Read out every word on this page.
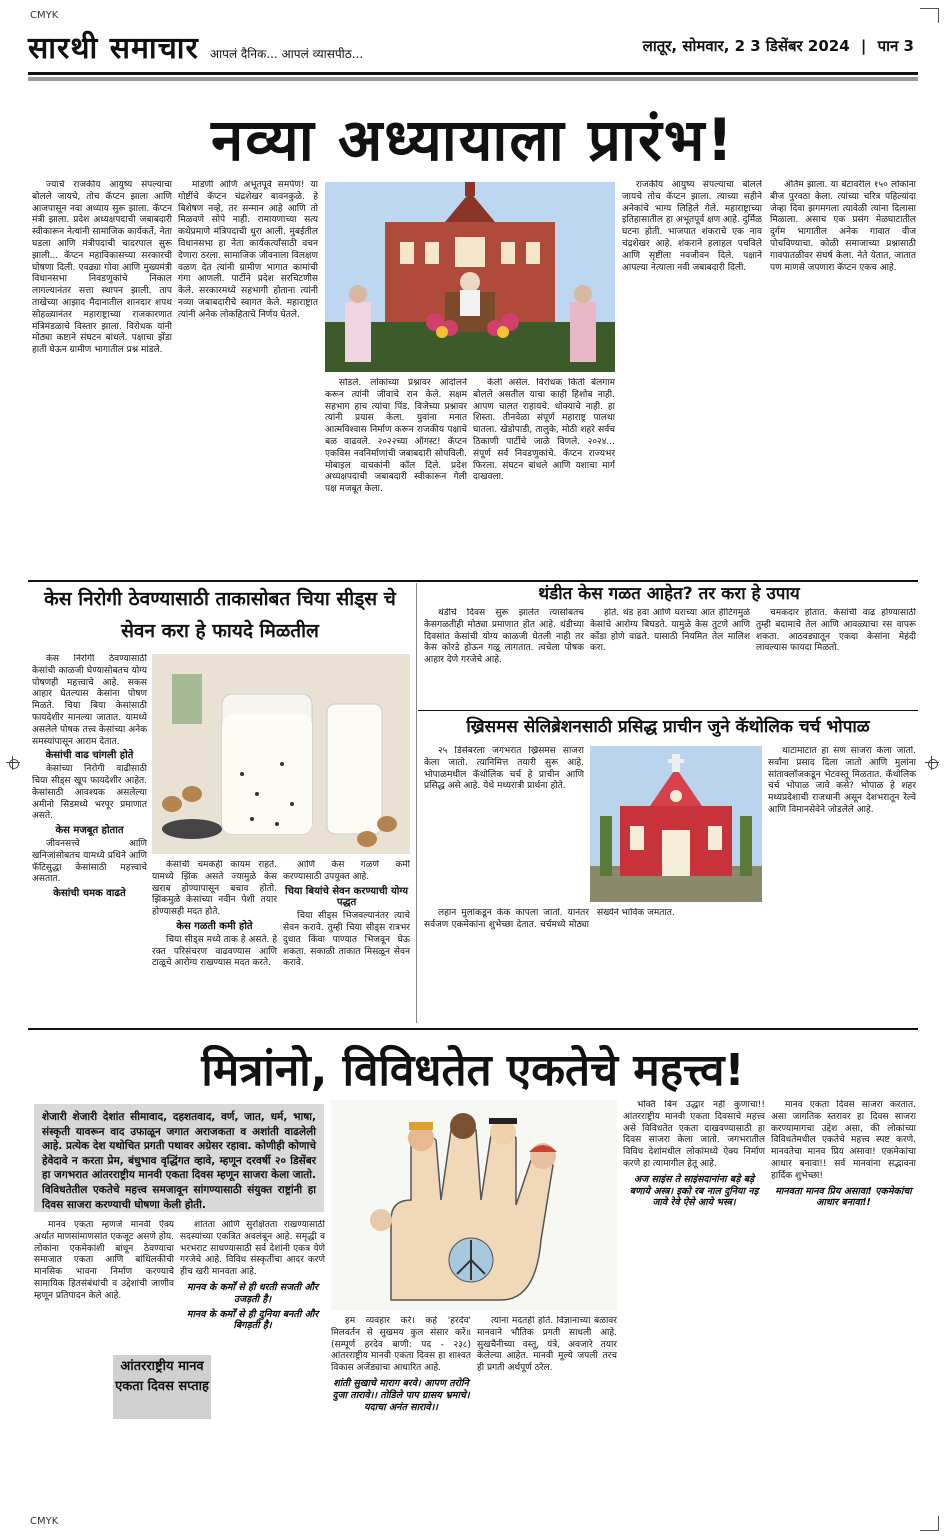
CMYK
CMYK
सारथी समाचार आपलं दैनिक... आपलं व्यासपीठ...	लातूर, सोमवार, 2 3 डिसेंबर 2024 | पान 3
नव्या अध्यायाला प्रारंभ!

ज्याचे राजकीय आयुष्य संपल्याचा बोलले जायचे, तोच कॅप्टन झाला आणि आजपासून नवा अध्याय सुरू झाला. कॅप्टन मंत्री झाला. प्रदेश अध्यक्षपदाची जबाबदारी स्वीकारून नेत्यांनी सामाजिक कार्यकर्ते, नेता घडला आणि मंत्रीपदाची चादरपाल सुरू झाली... कॅप्टन महाविकासच्या सरकारची घोषणा दिली. एवढ्या गोवा आणि मुख्यमंत्री विधानसभा निवडणुकांचे निकाल लागल्यानंतर सत्ता स्थापन झाली. ताप ताखेच्या आझाद मैदानातील शानदार शपथ सोहळ्यानंतर महाराष्ट्राच्या राजकारणात मंत्रिमंडळाचे विस्तार झाला. विरोधक यांनी मोठ्या कष्टाने संघटन बांधले. पक्षाचा झेंडा हाती घेऊन ग्रामीण भागातील प्रश्न मांडले.

मांडणी आणि अभूतपूर्व समर्पण! या गोष्टींचे कॅप्टन चंद्रशेखर बावनकुळे. हे बिशेषण नव्हे, तर सन्मान आहे आणि तो मिळवणे सोपे नाही. रामायणाच्या सत्य कथेप्रमाणे मंत्रिपदाची धुरा आली. मुंबईतील विधानसभा हा नेता कार्यकर्त्यांसाठी वचन देणारा ठरला. सामाजिक जीवनाला विलक्षण वळण देत त्यांनी ग्रामीण भागात कामांची गंगा आणली. पार्टीने प्रदेश सरचिटणीस केले. सरकारमध्ये सहभागी होताना त्यांनी नव्या जबाबदारीचे स्वागत केले. महाराष्ट्रात त्यांनी अनेक लोकहिताचे निर्णय घेतले.

सोडले. लोकांच्या प्रश्नावर आंदोलने करून त्यांनी जीवाचे रान केले. सक्षम सहभाग हाच त्यांचा पिंड. विजेच्या प्रश्नावर त्यांनी प्रयास केला. युवांना मनात आत्मविश्वास निर्माण करून राजकीय पक्षाचे बळ वाढवले. २०२२च्या ऑगस्ट! कॅप्टन एकविस नवनिर्माणांची जबाबदारी सोपविली. मोबाइल वाचकांनी कॉल दिले. प्रदेश अध्यक्षपदाची जबाबदारी स्वीकारून गेली पक्ष मजबूत केला.

केली असेल. विरोधक किती बेलगाम बोलले असतील याचा काही हिशोब नाही. आपण चालत राहायचे. धोक्याचे नाही. हा शिस्ता. तीनवेळा संपूर्ण महाराष्ट्र पालथा घातला. खेडोपाडी, तालुके, मोठी शहरे सर्वच ठिकाणी पार्टीचे जाळे विणले. २०२४... संपूर्ण सर्व निवडणुकांचे. कॅप्टन राज्यभर फिरला. संघटन बांधले आणि यशाचा मार्ग दाखवला.

राजकीय आयुष्य संपल्याचा बोलले जायचे तोच कॅप्टन झाला. त्याच्या सहीने अनेकांचे भाग्य लिहिले गेले. महाराष्ट्राच्या इतिहासातील हा अभूतपूर्व क्षण आहे. दुर्मिळ घटना होती. भाजपात शंकराचे एक नाव चंद्रशेखर आहे. शंकराने हलाहल पचविले आणि सृष्टीला नवजीवन दिले. पक्षाने आपल्या नेत्याला नवी जबाबदारी दिली.

अंतिम झाला. या बेटावरील १५० लोकांना बीज पुरवठा केला. त्यांच्या चरित्र पहिल्यांदा जेव्हा दिवा झगमगला त्यावेळी त्यांना दिलासा मिळाला. असाच एक प्रसंग मेळघाटातील दुर्गम भागातील अनेक गावात वीज पोचविण्याचा. कोळी समाजाच्या प्रश्नासाठी गावपातळीवर संघर्ष केला. नेते येतात, जातात पण माणसे जपणारा कॅप्टन एकच आहे.

केस निरोगी ठेवण्यासाठी ताकासोबत चिया सीड्स चे सेवन करा हे फायदे मिळतील

केस निरोगी ठेवण्यासाठी केसांची काळजी घेण्यासोबतच योग्य पोषणही महत्त्वाचे आहे. सकस आहार घेतल्यास केसांना पोषण मिळते. चिया बिया केसांसाठी फायदेशीर मानल्या जातात. यामध्ये असलेले पोषक तत्त्व केसांच्या अनेक समस्यांपासून आराम देतात.

केसांची वाढ चांगली होते

केसांच्या निरोगी वाढीसाठी चिया सीड्स खूप फायदेशीर आहेत. केसांसाठी आवश्यक असलेल्या अमीनो सिडमध्ये भरपूर प्रमाणात असते.

केस मजबूत होतात

जीवनसत्त्वे आणि खनिजांसोबतच यामध्ये प्रथिने आणि फॅटिसुद्धा केसांसाठी महत्त्वाचे असतात.

केसांची चमक वाढते

केसांची चमकही कायम राहते. यामध्ये झिंक असते ज्यामुळे केस खराब होण्यापासून बचाव होतो. झिंकमुळे केसांच्या नवीन पेशी तयार होण्यासही मदत होते.

केस गळती कमी होते

चिया सीड्स मध्ये ताक हे असते. हे रक्त परिसंचरण वाढवण्यास आणि टाळूचे आरोग्य राखण्यास मदत करते.

आणि केस गळणे कमी करण्यासाठी उपयुक्त आहे.

चिया बियांचे सेवन करण्याची योग्य पद्धत

चिया सीड्स भिजवल्यानंतर त्याचे सेवन करावे. तुम्ही चिया सीड्स रात्रभर दुधात किंवा पाण्यात भिजवून घेऊ शकता. सकाळी ताकात मिसळून सेवन करावे.

थंडीत केस गळत आहेत? तर करा हे उपाय

थंडीचे दिवस सुरू झालेत त्यासोबतच केसगळतीही मोठ्या प्रमाणात होत आहे. थंडीच्या दिवसांत केसांची योग्य काळजी घेतली नाही तर केस कोरडे होऊन गळू लागतात. त्वचेला पोषक आहार देणे गरजेचे आहे.

होते. थंड हवा आणि घराच्या आत हीटिंगमुळे केसांचे आरोग्य बिघडते. यामुळे केस तुटणे आणि कोंडा होणे वाढते. यासाठी नियमित तेल मालिश करा.

चमकदार होतात. केसांची वाढ होण्यासाठी तुम्ही बदामाचे तेल आणि आवळ्याचा रस वापरू शकता. आठवड्यातून एकदा केसांना मेहंदी लावल्यास फायदा मिळतो.

ख्रिसमस सेलिब्रेशनसाठी प्रसिद्ध प्राचीन जुने कॅथोलिक चर्च भोपाळ

२५ डिसेंबरला जगभरात ख्रिसमस साजरा केला जातो. त्यानिमित्त तयारी सुरू आहे. भोपाळमधील कॅथोलिक चर्च हे प्राचीन आणि प्रसिद्ध असे आहे. येथे मध्यरात्री प्रार्थना होते.

थाटामाटात हा सण साजरा केला जातो. सर्वांना प्रसाद दिला जातो आणि मुलांना सांताक्लॉजकडून भेटवस्तू मिळतात. कॅथोलिक चर्च भोपाळ जावे कसे? भोपाळ हे शहर मध्यप्रदेशाची राजधानी असून देशभरातून रेल्वे आणि विमानसेवेने जोडलेले आहे.

लहान मुलांकडून केक कापला जातो. यानंतर सर्वजण एकमेकांना शुभेच्छा देतात. चर्चमध्ये मोठ्या संख्येने भाविक जमतात.

मित्रांनो, विविधतेत एकतेचे महत्त्व!
शेजारी शेजारी देशांत सीमावाद, दहशतवाद, वर्ण, जात, धर्म, भाषा, संस्कृती यावरून वाद उफाळून जगात अराजकता व अशांती वाढलेली आहे. प्रत्येक देश यथोचित प्रगती पथावर अग्रेसर रहावा. कोणीही कोणाचे हेवेदावे न करता प्रेम, बंधुभाव वृद्धिंगत व्हावे, म्हणून दरवर्षी २० डिसेंबर हा जगभरात आंतरराष्ट्रीय मानवी एकता दिवस म्हणून साजरा केला जातो. विविधतेतील एकतेचे महत्त्व समजावून सांगण्यासाठी संयुक्त राष्ट्रांनी हा दिवस साजरा करण्याची घोषणा केली होती.

मानव एकता म्हणजे मानवी ऐक्य अर्थात माणसांमाणसांत एकजूट असणे होय. लोकांना एकमेकांशी बांधून ठेवण्याचा समाजात एकता आणि बांधिलकीची मानसिक भावना निर्माण करण्याचे सामायिक हितसंबंधांची व उद्देशांची जाणीव म्हणून प्रतिपादन केले आहे.

आंतरराष्ट्रीय मानव एकता दिवस सप्ताह

शांतता आणि सुरक्षितता राखण्यासाठी सदस्यांच्या एकत्रित अवलंबून आहे. समृद्धी व भरभराट साधण्यासाठी सर्व देशांनी एकत्र येणे गरजेचे आहे. विविध संस्कृतींचा आदर करणे हीच खरी मानवता आहे.

मानव के कर्मों से ही धरती सजती और उजड़ती है।
मानव के कर्मों से ही दुनिया बनती और बिगड़ती है।	हम व्यवहार करें। कहे 'हरदेव' मिलवर्तन से सुखमय कुल संसार करें॥ (सम्पूर्ण हरदेव बाणी: पद - २३८) आंतरराष्ट्रीय मानवी एकता दिवस हा शाश्वत विकास अजेंड्याचा आधारित आहे.

शांती सुखाचे माराग बरवे। आपण तरोनि दुजा तारावे।। तोडिले पाप ग्रासय भ्रमाचे। यदाचा अनंत सारावे।।

त्यांना मदतही होते. विज्ञानाच्या बळावर मानवाने भौतिक प्रगती साधली आहे. सुखचैनीच्या वस्तू, यंत्रे, अवजारे तयार केलेल्या आहेत. मानवी मूल्ये जपली तरच ही प्रगती अर्थपूर्ण ठरेल.

भक्ति बिन उद्धार नहीं कुणाचा!! आंतरराष्ट्रीय मानवी एकता दिवसाचे महत्त्व असे विविधतेत एकता दाखवण्यासाठी हा दिवस साजरा केला जातो. जगभरातील विविध देशांमधील लोकांमध्ये ऐक्य निर्माण करणे हा त्यामागील हेतू आहे.

अज साइंस ते साइंसदानांना बड़े बड़े बणाये अस्त्र। इको रब नाल दुनिया नइ जावे रेवे ऐसे आये भस्त्र।

मानव एकता दिवस साजरा करतात. असा जागतिक स्तरावर हा दिवस साजरा करण्यामागचा उद्देश असा, की लोकांच्या विविधतेमधील एकतेचे महत्त्व स्पष्ट करणे. मानवतेचा मानव प्रिय असावा! एकमेकांचा आधार बनावा!! सर्व मानवांना सद्भावना हार्दिक शुभेच्छा!

मानवता मानव प्रिय असावा! एकमेकांचा आधार बनावा!!
